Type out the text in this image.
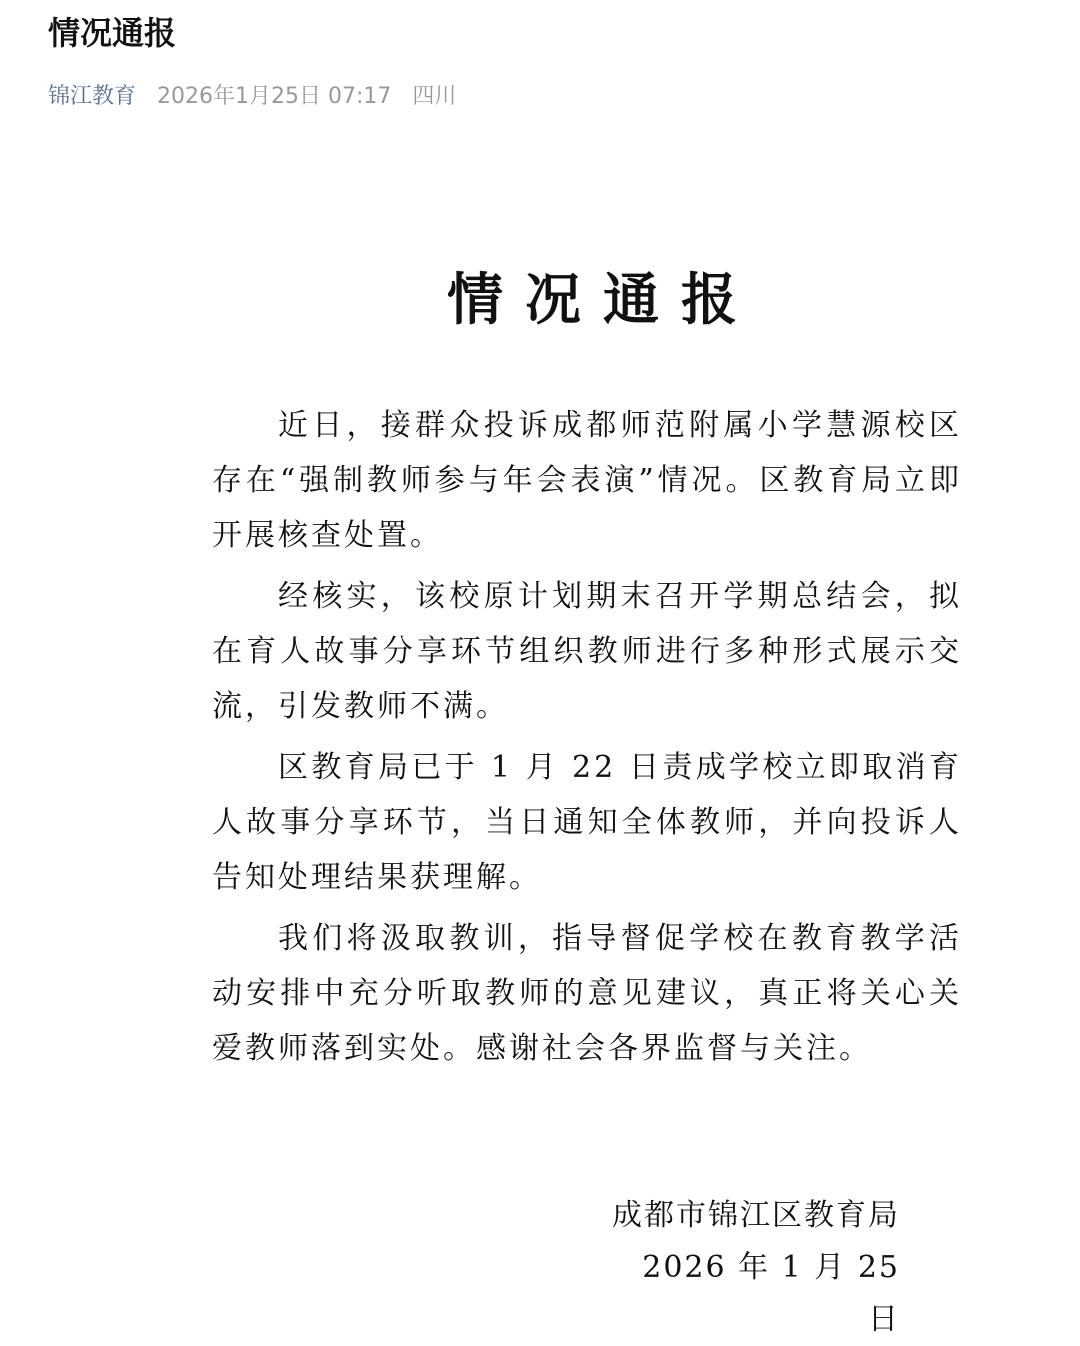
情况通报
锦江教育 2026年1月25日 07:17 四川
情况通报

近日，接群众投诉成都师范附属小学慧源校区存在“强制教师参与年会表演”情况。区教育局立即开展核查处置。

经核实，该校原计划期末召开学期总结会，拟在育人故事分享环节组织教师进行多种形式展示交流，引发教师不满。

区教育局已于 1 月 22 日责成学校立即取消育人故事分享环节，当日通知全体教师，并向投诉人告知处理结果获理解。

我们将汲取教训，指导督促学校在教育教学活动安排中充分听取教师的意见建议，真正将关心关爱教师落到实处。感谢社会各界监督与关注。

成都市锦江区教育局
2026 年 1 月 25 日
